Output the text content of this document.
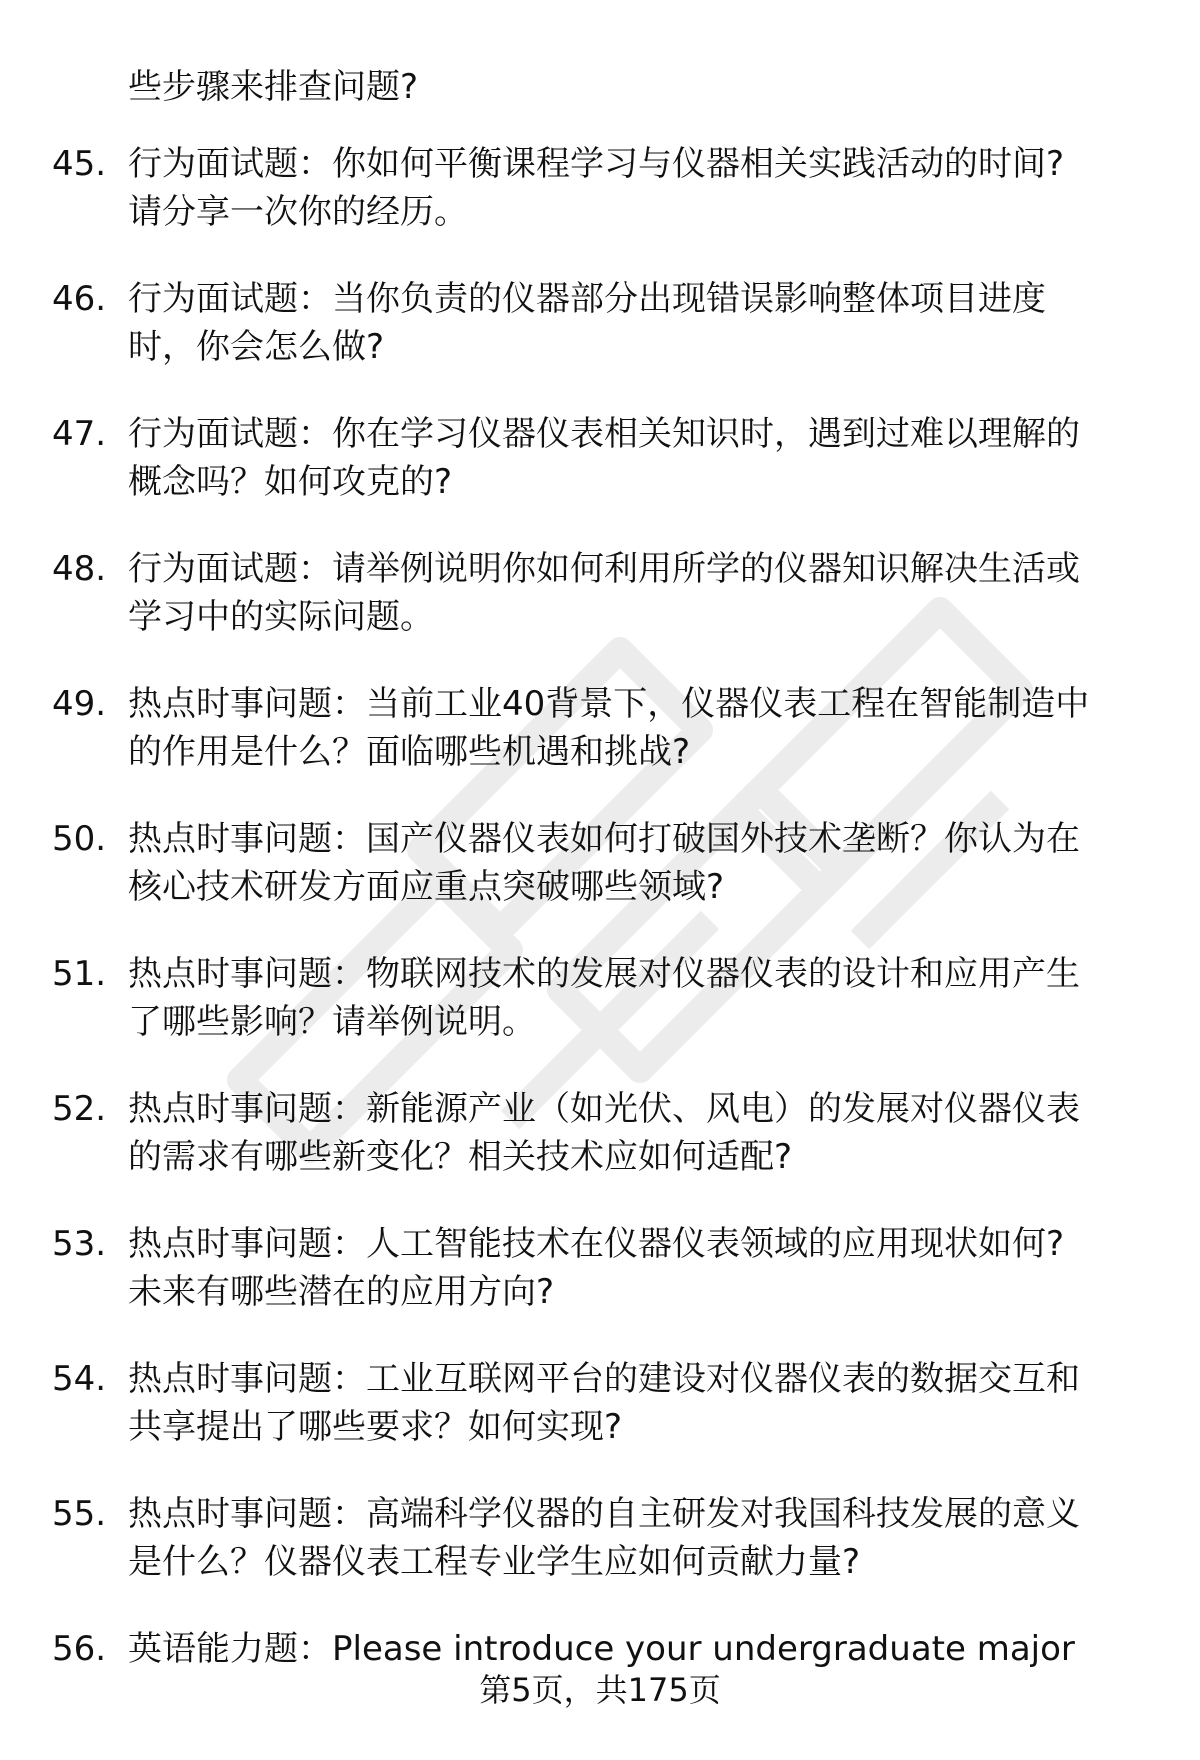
些步骤来排查问题?
45. 行为面试题：你如何平衡课程学习与仪器相关实践活动的时间?
请分享一次你的经历。
46. 行为面试题：当你负责的仪器部分出现错误影响整体项目进度
时，你会怎么做?
47. 行为面试题：你在学习仪器仪表相关知识时，遇到过难以理解的
概念吗？如何攻克的?
48. 行为面试题：请举例说明你如何利用所学的仪器知识解决生活或
学习中的实际问题。
49. 热点时事问题：当前工业40背景下，仪器仪表工程在智能制造中
的作用是什么？面临哪些机遇和挑战?
50. 热点时事问题：国产仪器仪表如何打破国外技术垄断？你认为在
核心技术研发方面应重点突破哪些领域?
51. 热点时事问题：物联网技术的发展对仪器仪表的设计和应用产生
了哪些影响？请举例说明。
52. 热点时事问题：新能源产业（如光伏、风电）的发展对仪器仪表
的需求有哪些新变化？相关技术应如何适配?
53. 热点时事问题：人工智能技术在仪器仪表领域的应用现状如何?
未来有哪些潜在的应用方向?
54. 热点时事问题：工业互联网平台的建设对仪器仪表的数据交互和
共享提出了哪些要求？如何实现?
55. 热点时事问题：高端科学仪器的自主研发对我国科技发展的意义
是什么？仪器仪表工程专业学生应如何贡献力量?
56. 英语能力题：Please introduce your undergraduate major
第5页，共175页
